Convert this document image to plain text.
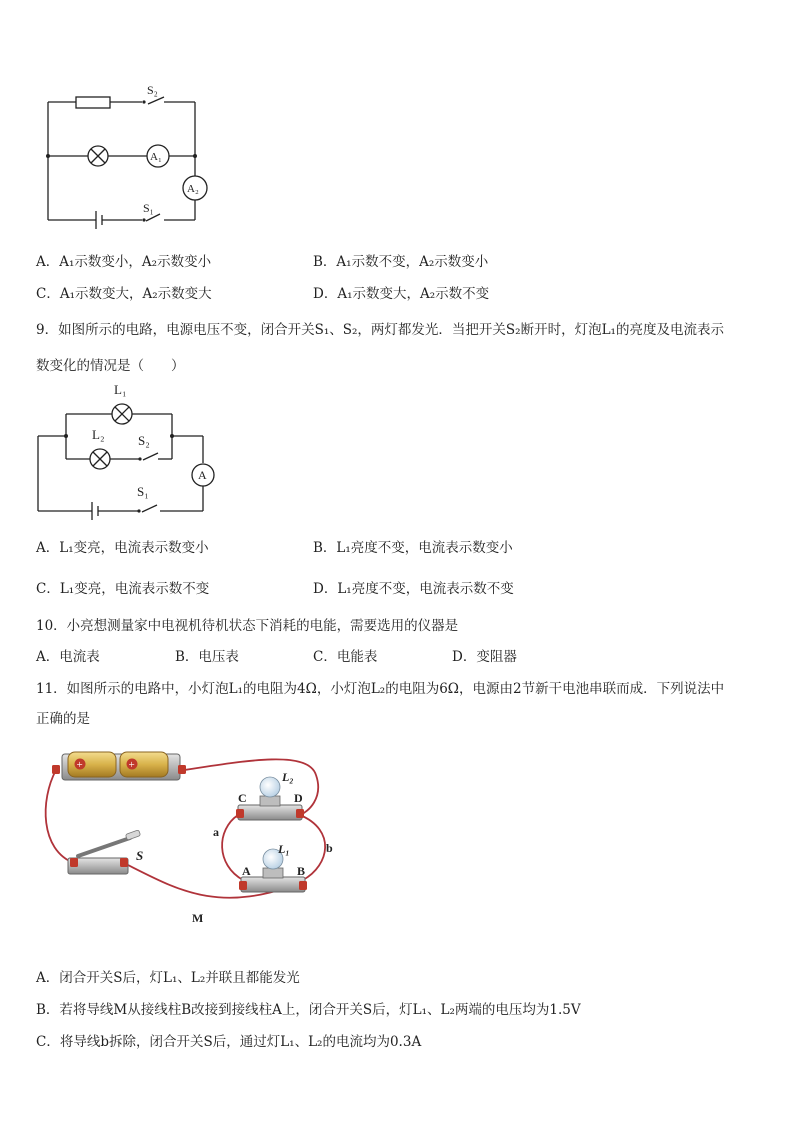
S₂
A₁
A₂
S₁
A．A₁示数变小，A₂示数变小	B．A₁示数不变，A₂示数变小
C．A₁示数变大，A₂示数变大	D．A₁示数变大，A₂示数不变
9．如图所示的电路，电源电压不变，闭合开关S₁、S₂，两灯都发光．当把开关S₂断开时，灯泡L₁的亮度及电流表示
数变化的情况是（　　）
L₁
L₂	S₂
A
S₁
A．L₁变亮，电流表示数变小	B．L₁亮度不变，电流表示数变小
C．L₁变亮，电流表示数不变	D．L₁亮度不变，电流表示数不变
10．小亮想测量家中电视机待机状态下消耗的电能，需要选用的仪器是
A．电流表	B．电压表	C．电能表	D．变阻器
11．如图所示的电路中，小灯泡L₁的电阻为4Ω，小灯泡L₂的电阻为6Ω，电源由2节新干电池串联而成．下列说法中
正确的是
+	+
S
L₂
C	D
L₁
A	B
a
b
M
A．闭合开关S后，灯L₁、L₂并联且都能发光
B．若将导线M从接线柱B改接到接线柱A上，闭合开关S后，灯L₁、L₂两端的电压均为1.5V
C．将导线b拆除，闭合开关S后，通过灯L₁、L₂的电流均为0.3A
